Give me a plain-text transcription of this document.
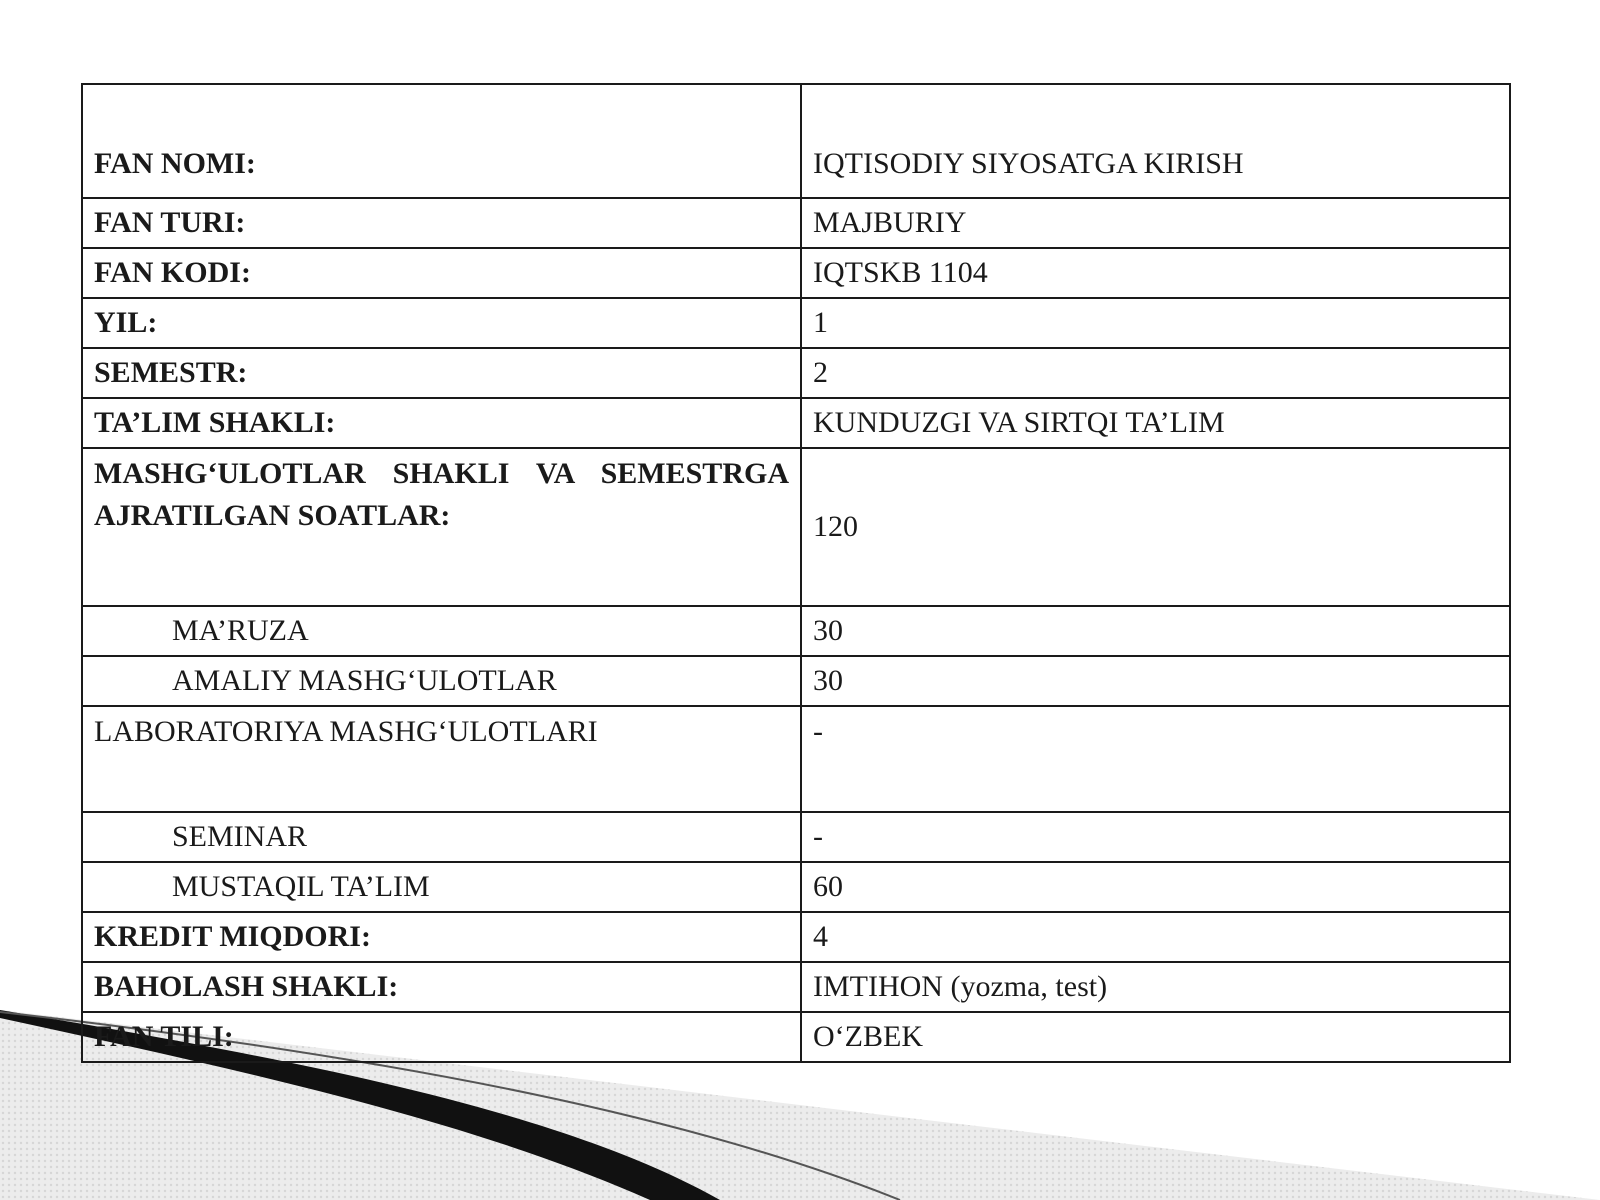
FAN NOMI:	IQTISODIY SIYOSATGA KIRISH
FAN TURI:	MAJBURIY
FAN KODI:	IQTSKB 1104
YIL:	1
SEMESTR:	2
TA’LIM SHAKLI:	KUNDUZGI VA SIRTQI TA’LIM
MASHG‘ULOTLAR SHAKLI VA SEMESTRGA AJRATILGAN SOATLAR:	120
MA’RUZA	30
AMALIY MASHG‘ULOTLAR	30
LABORATORIYA MASHG‘ULOTLARI	-
SEMINAR	-
MUSTAQIL TA’LIM	60
KREDIT MIQDORI:	4
BAHOLASH SHAKLI:	IMTIHON (yozma, test)
FAN TILI:	O‘ZBEK
